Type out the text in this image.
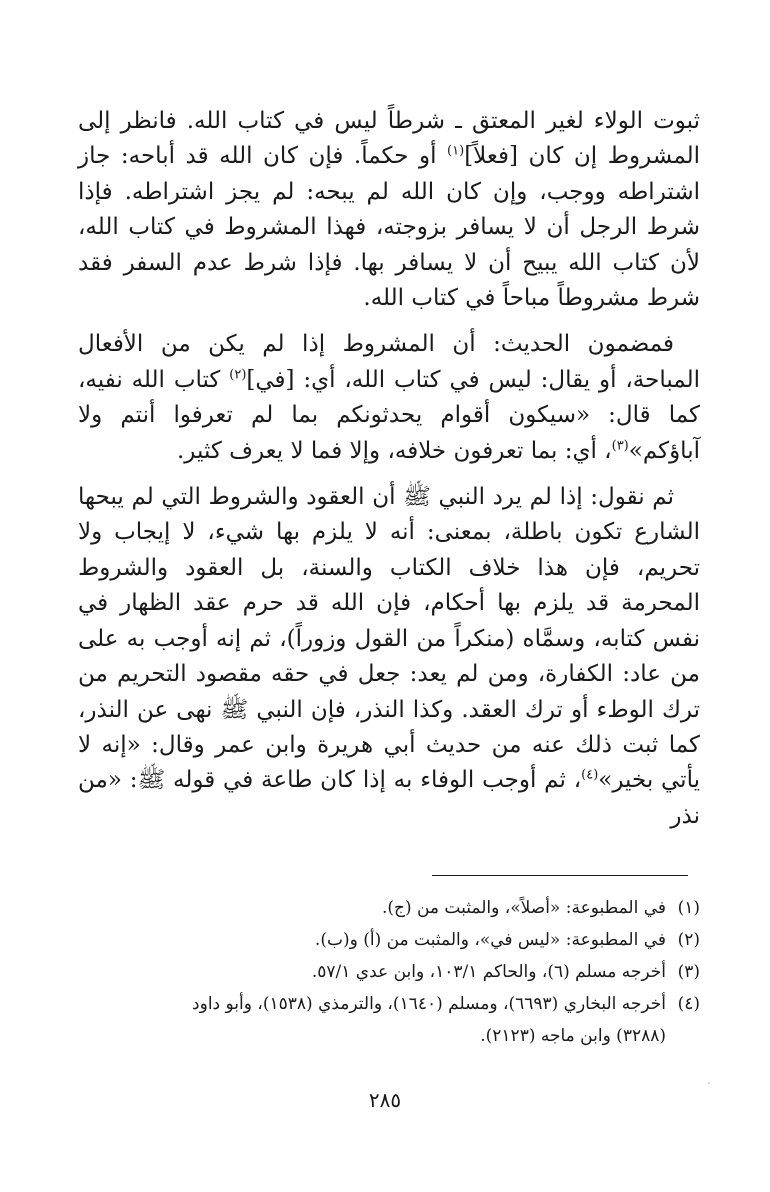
ثبوت الولاء لغير المعتق ـ شرطاً ليس في كتاب الله. فانظر إلى المشروط إن كان [فعلاً]$^{(١)}$ أو حكماً. فإن كان الله قد أباحه: جاز اشتراطه ووجب، وإن كان الله لم يبحه: لم يجز اشتراطه. فإذا شرط الرجل أن لا يسافر بزوجته، فهذا المشروط في كتاب الله، لأن كتاب الله يبيح أن لا يسافر بها. فإذا شرط عدم السفر فقد شرط مشروطاً مباحاً في كتاب الله.

فمضمون الحديث: أن المشروط إذا لم يكن من الأفعال المباحة، أو يقال: ليس في كتاب الله، أي: [في]$^{(٢)}$ كتاب الله نفيه، كما قال: «سيكون أقوام يحدثونكم بما لم تعرفوا أنتم ولا آباؤكم»$^{(٣)}$، أي: بما تعرفون خلافه، وإلا فما لا يعرف كثير.

ثم نقول: إذا لم يرد النبي ﷺ أن العقود والشروط التي لم يبحها الشارع تكون باطلة، بمعنى: أنه لا يلزم بها شيء، لا إيجاب ولا تحريم، فإن هذا خلاف الكتاب والسنة، بل العقود والشروط المحرمة قد يلزم بها أحكام، فإن الله قد حرم عقد الظهار في نفس كتابه، وسمَّاه (منكراً من القول وزوراً)، ثم إنه أوجب به على من عاد: الكفارة، ومن لم يعد: جعل في حقه مقصود التحريم من ترك الوطء أو ترك العقد. وكذا النذر، فإن النبي ﷺ نهى عن النذر، كما ثبت ذلك عنه من حديث أبي هريرة وابن عمر وقال: «إنه لا يأتي بخير»$^{(٤)}$، ثم أوجب الوفاء به إذا كان طاعة في قوله ﷺ: «من نذر

(١)
في المطبوعة: «أصلاً»، والمثبت من (ج).
(٢)
في المطبوعة: «ليس في»، والمثبت من (أ) و(ب).
(٣)
أخرجه مسلم (٦)، والحاكم ١٠٣/١، وابن عدي ٥٧/١.
(٤)
أخرجه البخاري (٦٦٩٣)، ومسلم (١٦٤٠)، والترمذي (١٥٣٨)، وأبو داود
(٣٢٨٨) وابن ماجه (٢١٢٣).
٢٨٥
